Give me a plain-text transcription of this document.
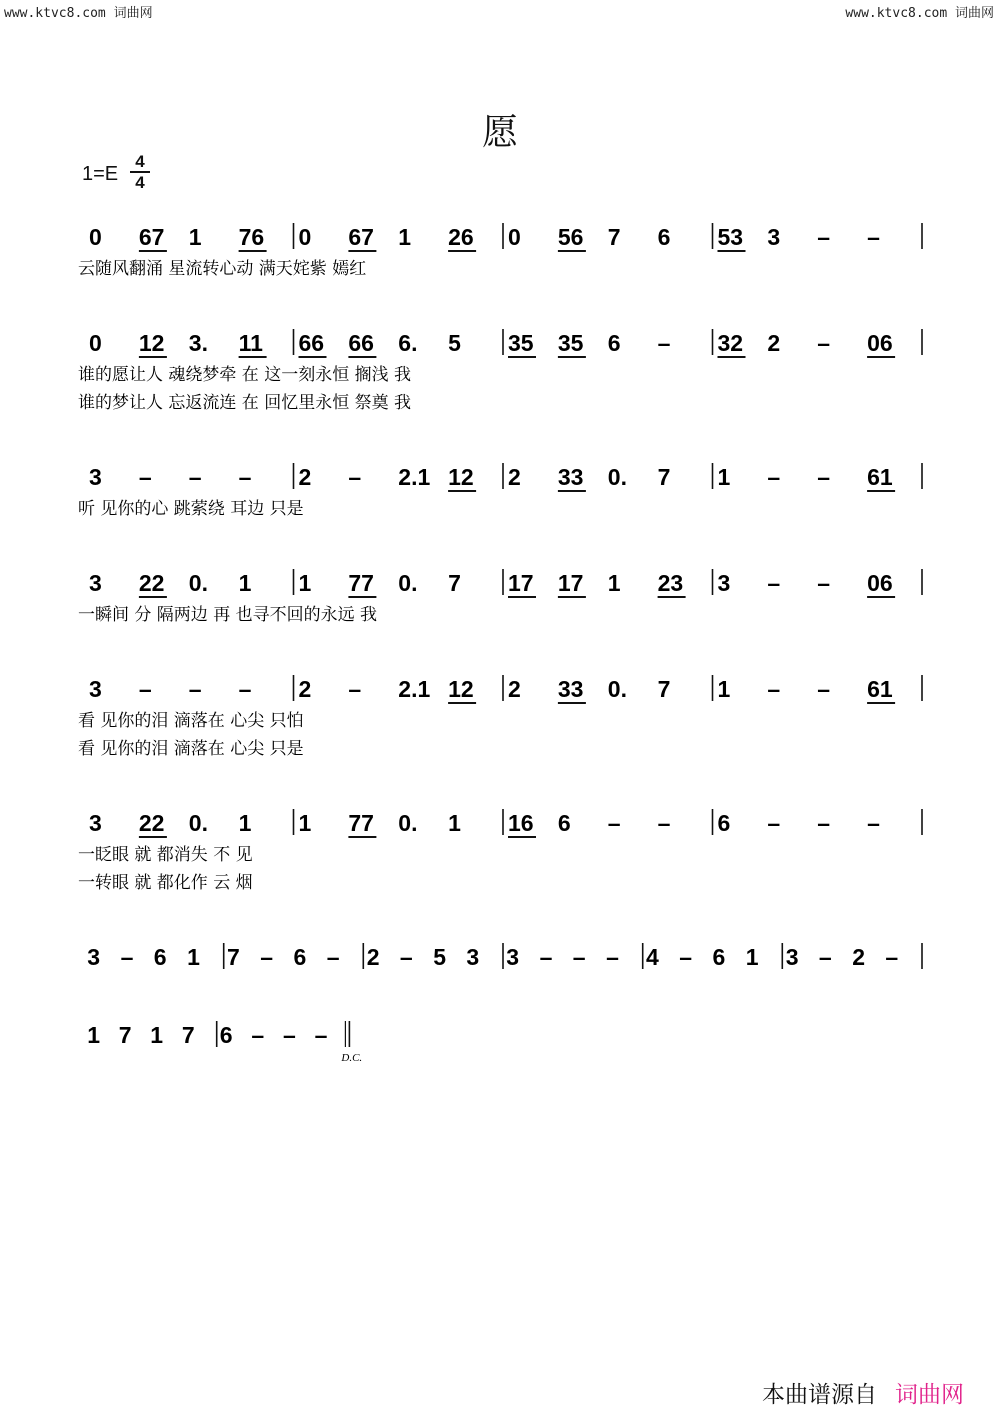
www.ktvc8.com 词曲网	www.ktvc8.com 词曲网
愿
1=E
4
4
0 67 1 76 0 67 1 26 0 56 7 6 53 3 – –
云随风翻涌 星流转心动 满天姹紫 嫣红
0 12 3. 11 66 66 6. 5 35 35 6 – 32 2 – 06
谁的愿让人 魂绕梦牵 在 这一刻永恒 搁浅 我
谁的梦让人 忘返流连 在 回忆里永恒 祭奠 我
3 – – – 2 – 2.1 12 2 33 0. 7 1 – – 61
听 见你的心 跳萦绕 耳边 只是
3 22 0. 1 1 77 0. 7 17 17 1 23 3 – – 06
一瞬间 分 隔两边 再 也寻不回的永远 我
3 – – – 2 – 2.1 12 2 33 0. 7 1 – – 61
看 见你的泪 滴落在 心尖 只怕
看 见你的泪 滴落在 心尖 只是
3 22 0. 1 1 77 0. 1 16 6 – – 6 – – –
一眨眼 就 都消失 不 见
一转眼 就 都化作 云 烟
3 – 6 1 7 – 6 – 2 – 5 3 3 – – – 4 – 6 1 3 – 2 –
1 7 1 7 6 – – –
D.C.
本曲谱源自 词曲网
